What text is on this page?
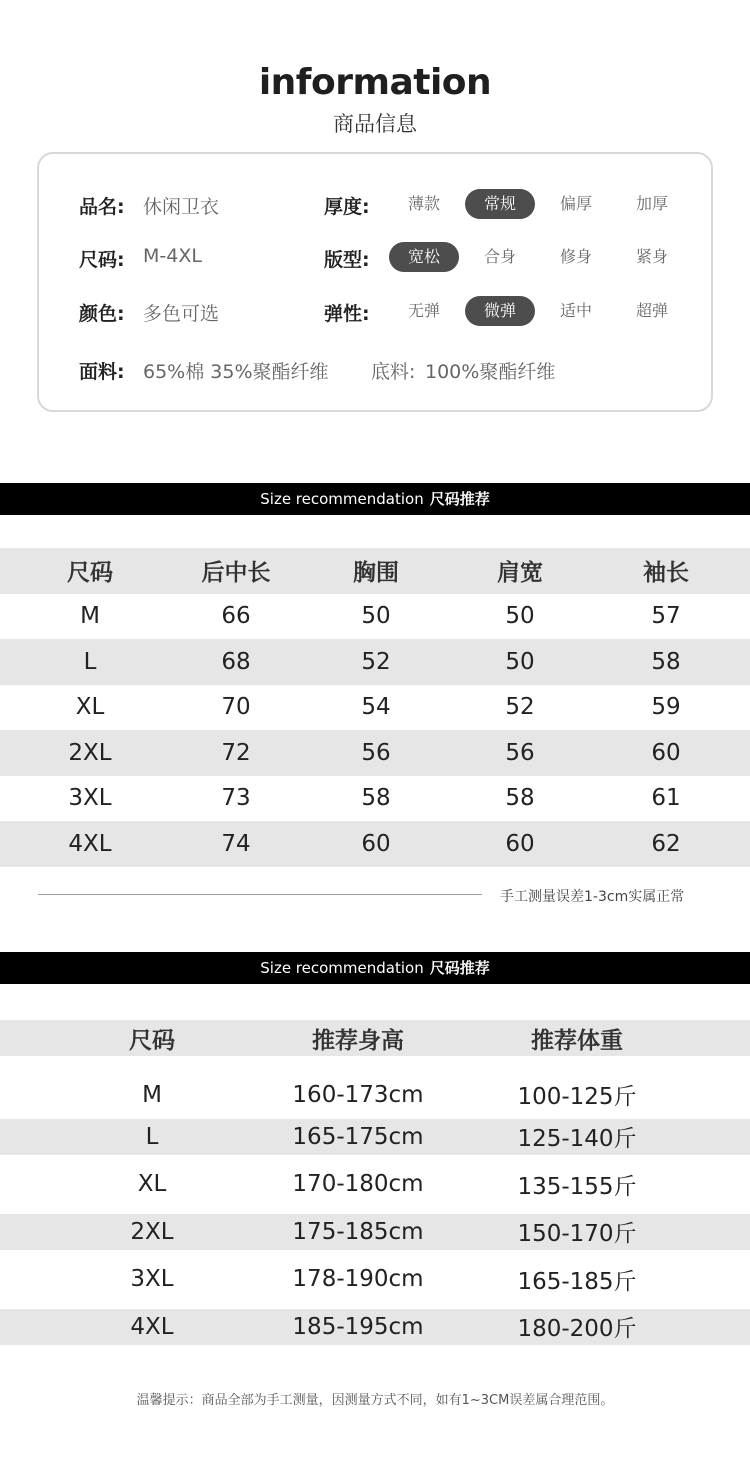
information
商品信息
品名: 休闲卫衣	厚度:	薄款	常规	偏厚	加厚
尺码: M-4XL	版型:	宽松	合身	修身	紧身
颜色: 多色可选	弹性:	无弹	微弹	适中	超弹
面料: 65%棉 35%聚酯纤维 底料: 100%聚酯纤维
Size recommendation 尺码推荐
尺码	后中长	胸围	肩宽	袖长
M	66	50	50	57
L	68	52	50	58
XL	70	54	52	59
2XL	72	56	56	60
3XL	73	58	58	61
4XL	74	60	60	62
手工测量误差1-3cm实属正常
Size recommendation 尺码推荐
尺码	推荐身高	推荐体重
M	160-173cm	100-125斤
L	165-175cm	125-140斤
XL	170-180cm	135-155斤
2XL	175-185cm	150-170斤
3XL	178-190cm	165-185斤
4XL	185-195cm	180-200斤
温馨提示：商品全部为手工测量，因测量方式不同，如有1~3CM误差属合理范围。
